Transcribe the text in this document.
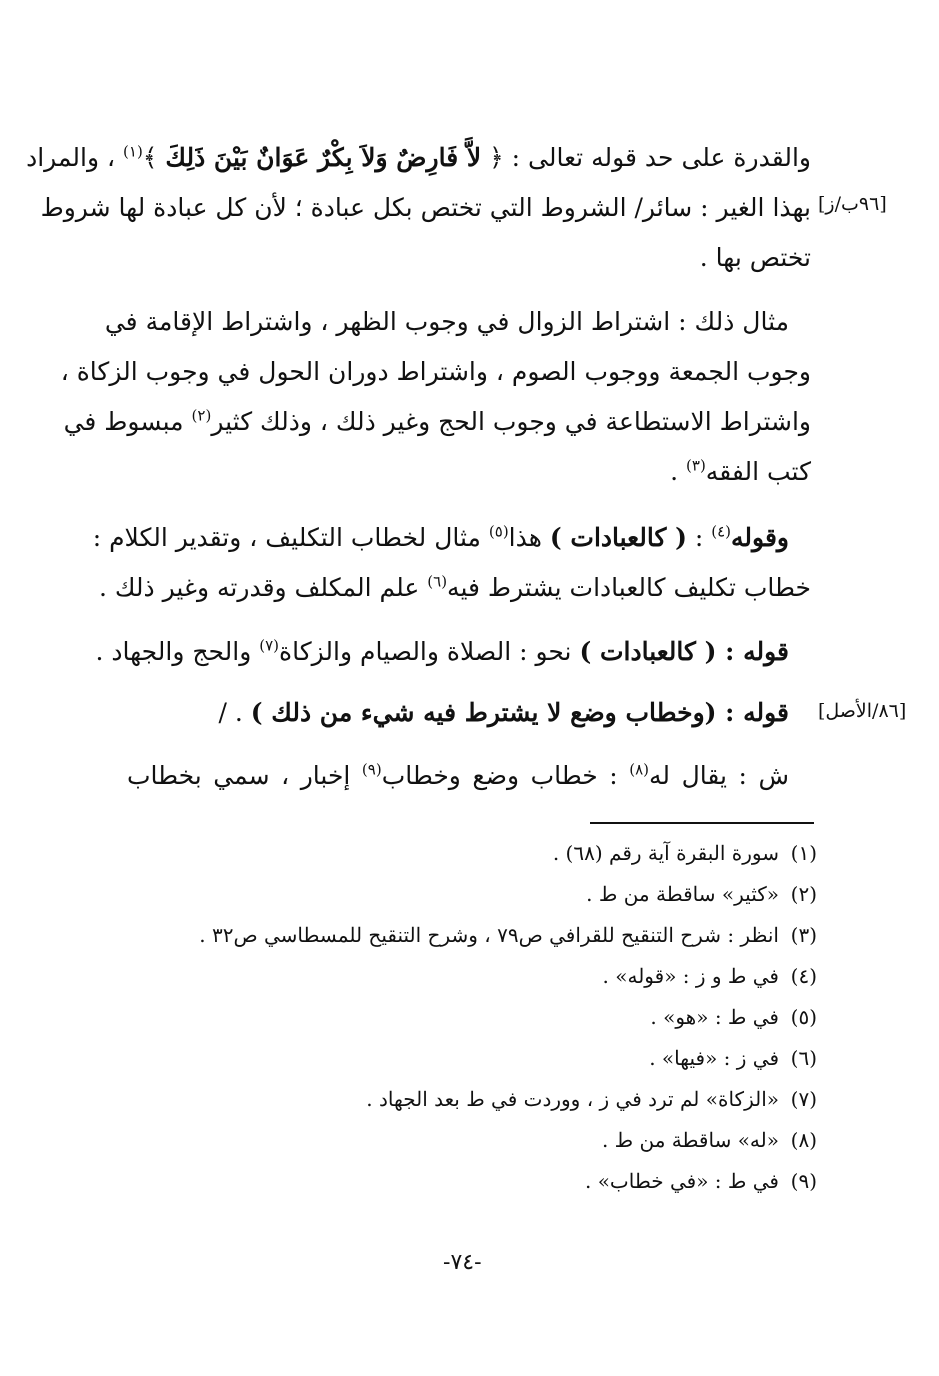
والقدرة على حد قوله تعالى : ﴿ لاَّ فَارِضٌ وَلاَ بِكْرٌ عَوَانٌ بَيْنَ ذَلِكَ ﴾$^{(١)}$ ، والمراد
[٩٦ب/ز]
بهذا الغير : سائر/ الشروط التي تختص بكل عبادة ؛ لأن كل عبادة لها شروط
تختص بها .
مثال ذلك : اشتراط الزوال في وجوب الظهر ، واشتراط الإقامة في
وجوب الجمعة ووجوب الصوم ، واشتراط دوران الحول في وجوب الزكاة ،
واشتراط الاستطاعة في وجوب الحج وغير ذلك ، وذلك كثير$^{(٢)}$ مبسوط في
كتب الفقه$^{(٣)}$ .
وقوله$^{(٤)}$ : ( كالعبادات ) هذا$^{(٥)}$ مثال لخطاب التكليف ، وتقدير الكلام :
خطاب تكليف كالعبادات يشترط فيه$^{(٦)}$ علم المكلف وقدرته وغير ذلك .
قوله : ( كالعبادات ) نحو : الصلاة والصيام والزكاة$^{(٧)}$ والحج والجهاد .
[٨٦/الأصل]
قوله : (وخطاب وضع لا يشترط فيه شيء من ذلك ) . /
ش : يقال له$^{(٨)}$ : خطاب وضع وخطاب$^{(٩)}$ إخبار ، سمي بخطاب
(١)سورة البقرة آية رقم (٦٨) .
(٢)«كثير» ساقطة من ط .
(٣)انظر : شرح التنقيح للقرافي ص٧٩ ، وشرح التنقيح للمسطاسي ص٣٢ .
(٤)في ط و ز : «قوله» .
(٥)في ط : «هو» .
(٦)في ز : «فيها» .
(٧)«الزكاة» لم ترد في ز ، ووردت في ط بعد الجهاد .
(٨)«له» ساقطة من ط .
(٩)في ط : «في خطاب» .
-٧٤-
